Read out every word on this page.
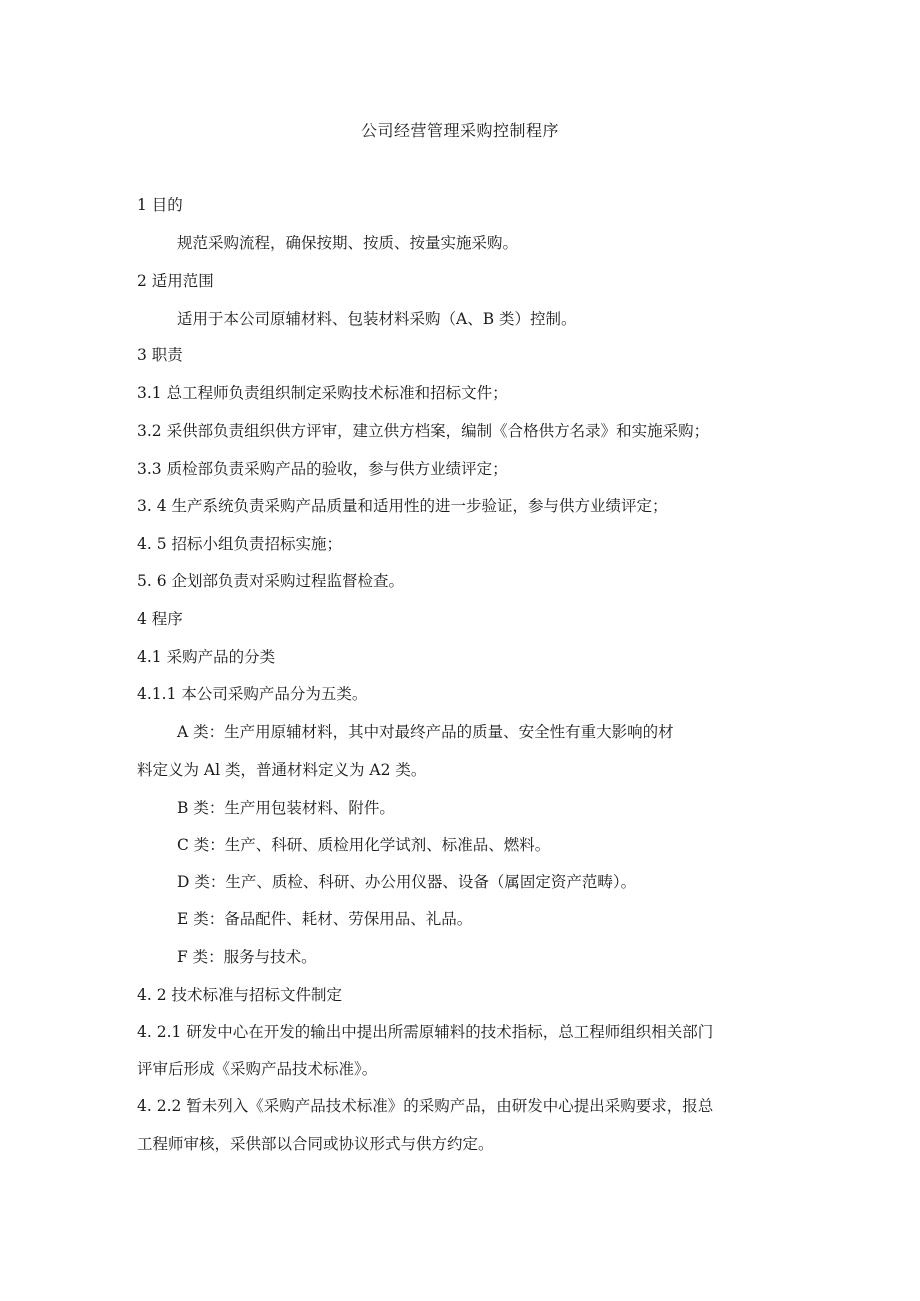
公司经营管理采购控制程序
1 目的
规范采购流程，确保按期、按质、按量实施采购。
2 适用范围
适用于本公司原辅材料、包装材料采购（A、B 类）控制。
3 职责
3.1 总工程师负责组织制定采购技术标准和招标文件；
3.2 采供部负责组织供方评审，建立供方档案，编制《合格供方名录》和实施采购；
3.3 质检部负责采购产品的验收，参与供方业绩评定；
3. 4 生产系统负责采购产品质量和适用性的进一步验证，参与供方业绩评定；
4. 5 招标小组负责招标实施；
5. 6 企划部负责对采购过程监督检查。
4 程序
4.1 采购产品的分类
4.1.1 本公司采购产品分为五类。
A 类：生产用原辅材料，其中对最终产品的质量、安全性有重大影响的材
料定义为 Al 类，普通材料定义为 A2 类。
B 类：生产用包装材料、附件。
C 类：生产、科研、质检用化学试剂、标准品、燃料。
D 类：生产、质检、科研、办公用仪器、设备（属固定资产范畴）。
E 类：备品配件、耗材、劳保用品、礼品。
F 类：服务与技术。
4. 2 技术标准与招标文件制定
4. 2.1 研发中心在开发的输出中提出所需原辅料的技术指标，总工程师组织相关部门
评审后形成《采购产品技术标准》。
4. 2.2 暂未列入《采购产品技术标准》的采购产品，由研发中心提出采购要求，报总
工程师审核，采供部以合同或协议形式与供方约定。
